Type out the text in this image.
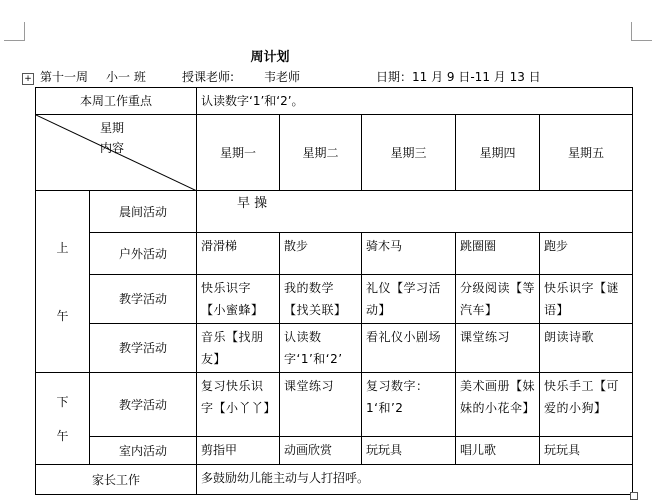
周计划
+ 第十一周 小一 班	授课老师: 韦老师	日期：11 月 9 日-11 月 13 日
本周工作重点		认读数字‘1’和‘2’。				

星期
内容		星期一	星期二	星期三	星期四	星期五

上
午	晨间活动	早 操				
	户外活动	滑滑梯	散步	骑木马	跳圈圈	跑步
	教学活动	快乐识字【小蜜蜂】	我的数学【找关联】	礼仪【学习活动】	分级阅读【等汽车】	快乐识字【谜语】
	教学活动	音乐【找朋友】	认读数字‘1’和‘2’	看礼仪小剧场	课堂练习	朗读诗歌

下
午	教学活动	复习快乐识字【小丫丫】	课堂练习	复习数字：1‘和’2	美术画册【妹妹的小花伞】	快乐手工【可爱的小狗】
	室内活动	剪指甲	动画欣赏	玩玩具	唱儿歌	玩玩具
家长工作		多鼓励幼儿能主动与人打招呼。				
